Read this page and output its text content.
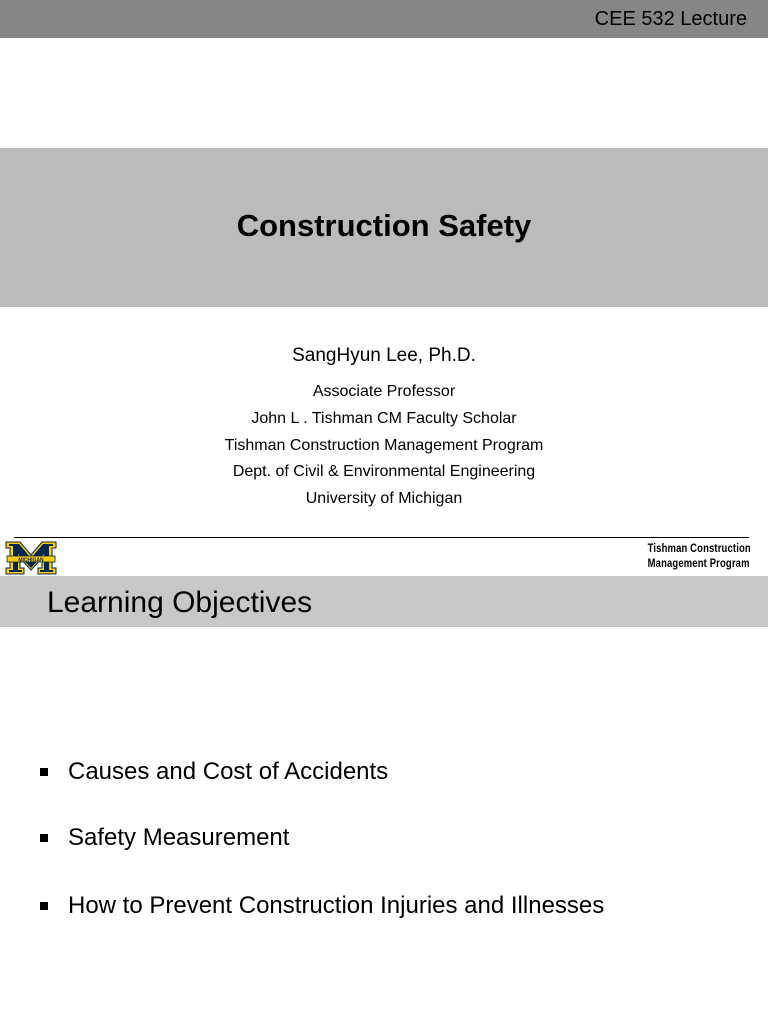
CEE 532 Lecture
Construction Safety
SangHyun Lee, Ph.D.
Associate Professor
John L . Tishman CM Faculty Scholar
Tishman Construction Management Program
Dept. of Civil & Environmental Engineering
University of Michigan
MICHIGAN
Tishman Construction
Management Program
Learning Objectives
Causes and Cost of Accidents
Safety Measurement
How to Prevent Construction Injuries and Illnesses
